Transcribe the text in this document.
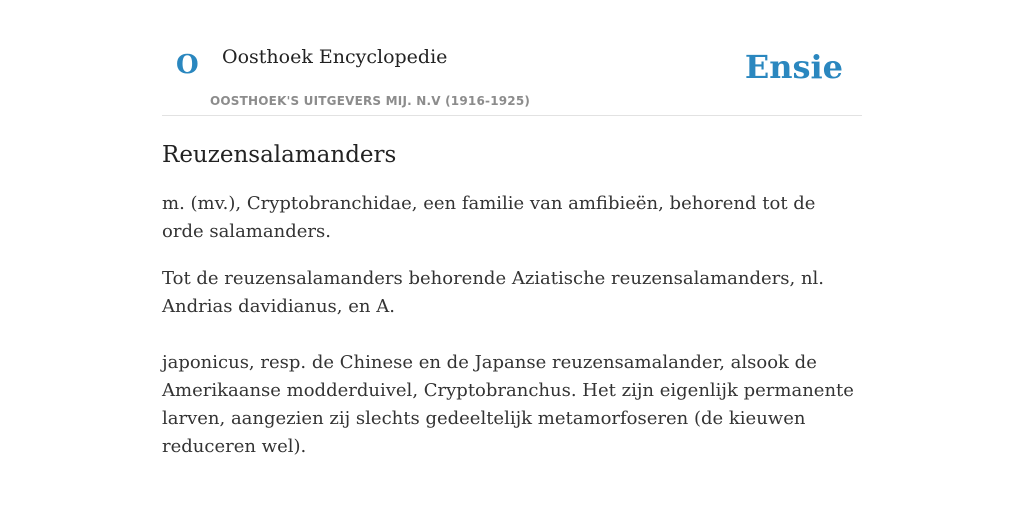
O Oosthoek Encyclopedie
OOSTHOEK'S UITGEVERS MIJ. N.V (1916-1925)
Ensie
Reuzensalamanders

m. (mv.), Cryptobranchidae, een familie van amfibieën, behorend tot de orde salamanders.

Tot de reuzensalamanders behorende Aziatische reuzensalamanders, nl. Andrias davidianus, en A.

japonicus, resp. de Chinese en de Japanse reuzensamalander, alsook de Amerikaanse modderduivel, Cryptobranchus. Het zijn eigenlijk permanente larven, aangezien zij slechts gedeeltelijk metamorfoseren (de kieuwen reduceren wel).
